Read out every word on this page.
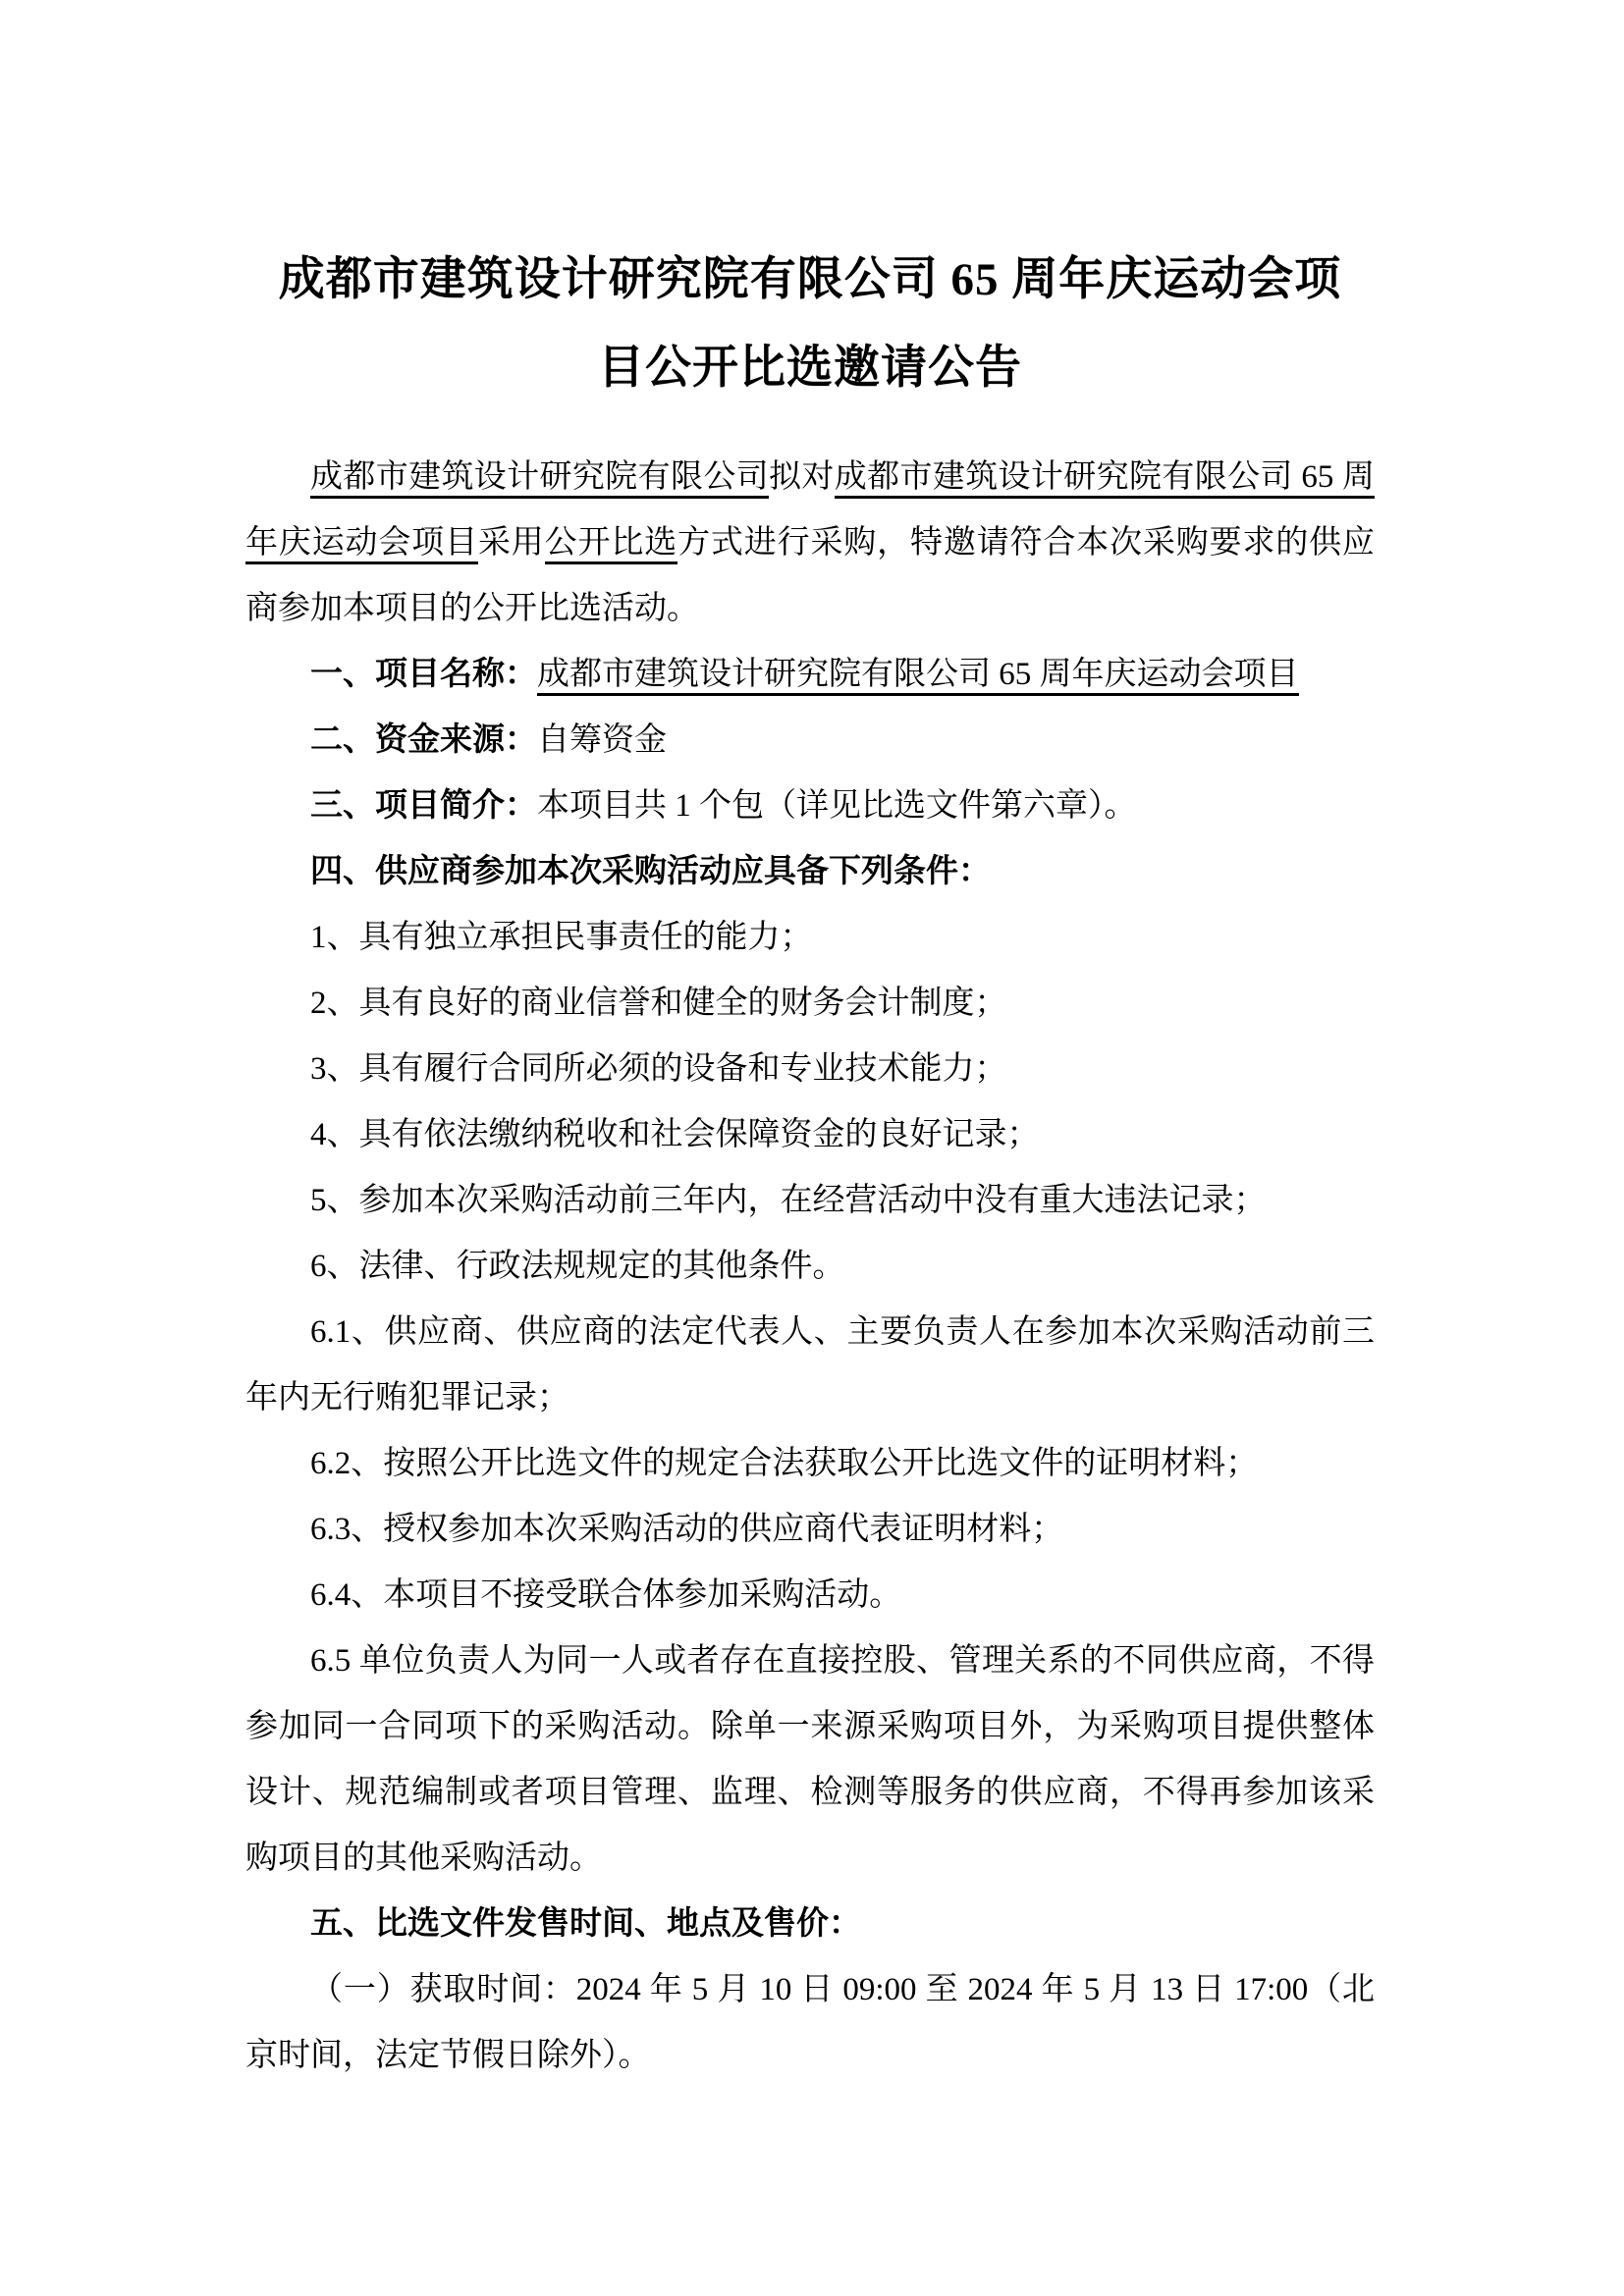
成都市建筑设计研究院有限公司 65 周年庆运动会项
目公开比选邀请公告

成都市建筑设计研究院有限公司拟对成都市建筑设计研究院有限公司 65 周年庆运动会项目采用公开比选方式进行采购，特邀请符合本次采购要求的供应商参加本项目的公开比选活动。

一、项目名称：成都市建筑设计研究院有限公司 65 周年庆运动会项目

二、资金来源：自筹资金

三、项目简介：本项目共 1 个包（详见比选文件第六章）。

四、供应商参加本次采购活动应具备下列条件：

1、具有独立承担民事责任的能力；

2、具有良好的商业信誉和健全的财务会计制度；

3、具有履行合同所必须的设备和专业技术能力；

4、具有依法缴纳税收和社会保障资金的良好记录；

5、参加本次采购活动前三年内，在经营活动中没有重大违法记录；

6、法律、行政法规规定的其他条件。

6.1、供应商、供应商的法定代表人、主要负责人在参加本次采购活动前三年内无行贿犯罪记录；

6.2、按照公开比选文件的规定合法获取公开比选文件的证明材料；

6.3、授权参加本次采购活动的供应商代表证明材料；

6.4、本项目不接受联合体参加采购活动。

6.5 单位负责人为同一人或者存在直接控股、管理关系的不同供应商，不得参加同一合同项下的采购活动。除单一来源采购项目外，为采购项目提供整体设计、规范编制或者项目管理、监理、检测等服务的供应商，不得再参加该采购项目的其他采购活动。

五、比选文件发售时间、地点及售价：

（一）获取时间：2024 年 5 月 10 日 09:00 至 2024 年 5 月 13 日 17:00（北京时间，法定节假日除外）。
